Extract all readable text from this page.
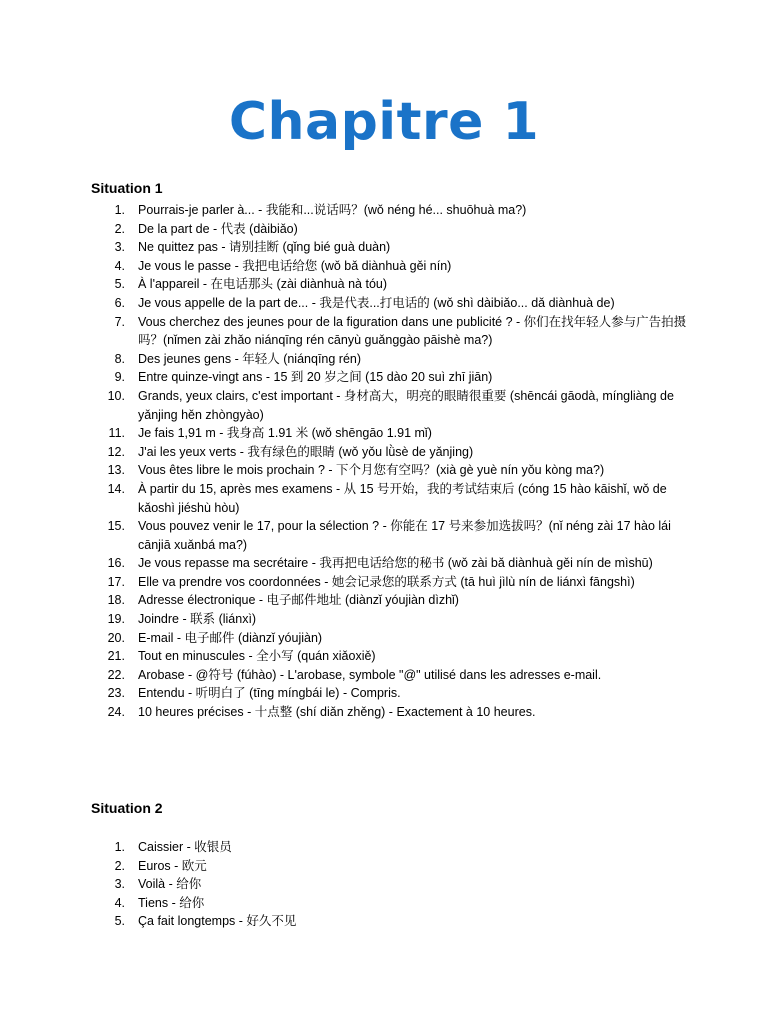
Chapitre 1
Situation 1
1. Pourrais-je parler à... - 我能和...说话吗？(wǒ néng hé... shuōhuà ma?)
2. De la part de - 代表 (dàibiǎo)
3. Ne quittez pas - 请别挂断 (qǐng bié guà duàn)
4. Je vous le passe - 我把电话给您 (wǒ bǎ diànhuà gěi nín)
5. À l'appareil - 在电话那头 (zài diànhuà nà tóu)
6. Je vous appelle de la part de... - 我是代表...打电话的 (wǒ shì dàibiǎo... dǎ diànhuà de)
7. Vous cherchez des jeunes pour de la figuration dans une publicité ? - 你们在找年轻人参与广告拍摄吗？(nǐmen zài zhǎo niánqīng rén cānyù guǎnggào pāishè ma?)
8. Des jeunes gens - 年轻人 (niánqīng rén)
9. Entre quinze-vingt ans - 15 到 20 岁之间 (15 dào 20 suì zhī jiān)
10. Grands, yeux clairs, c'est important - 身材高大，明亮的眼睛很重要 (shēncái gāodà, míngliàng de yǎnjing hěn zhòngyào)
11. Je fais 1,91 m - 我身高 1.91 米 (wǒ shēngāo 1.91 mǐ)
12. J'ai les yeux verts - 我有绿色的眼睛 (wǒ yǒu lǜsè de yǎnjing)
13. Vous êtes libre le mois prochain ? - 下个月您有空吗？(xià gè yuè nín yǒu kòng ma?)
14. À partir du 15, après mes examens - 从 15 号开始，我的考试结束后 (cóng 15 hào kāishǐ, wǒ de kǎoshì jiéshù hòu)
15. Vous pouvez venir le 17, pour la sélection ? - 你能在 17 号来参加选拔吗？(nǐ néng zài 17 hào lái cānjiā xuǎnbá ma?)
16. Je vous repasse ma secrétaire - 我再把电话给您的秘书 (wǒ zài bǎ diànhuà gěi nín de mìshū)
17. Elle va prendre vos coordonnées - 她会记录您的联系方式 (tā huì jìlù nín de liánxì fāngshì)
18. Adresse électronique - 电子邮件地址 (diànzǐ yóujiàn dìzhǐ)
19. Joindre - 联系 (liánxì)
20. E-mail - 电子邮件 (diànzǐ yóujiàn)
21. Tout en minuscules - 全小写 (quán xiǎoxiě)
22. Arobase - @符号 (fúhào) - L'arobase, symbole "@" utilisé dans les adresses e-mail.
23. Entendu - 听明白了 (tīng míngbái le) - Compris.
24. 10 heures précises - 十点整 (shí diǎn zhěng) - Exactement à 10 heures.
Situation 2
1. Caissier - 收银员
2. Euros - 欧元
3. Voilà - 给你
4. Tiens - 给你
5. Ça fait longtemps - 好久不见
